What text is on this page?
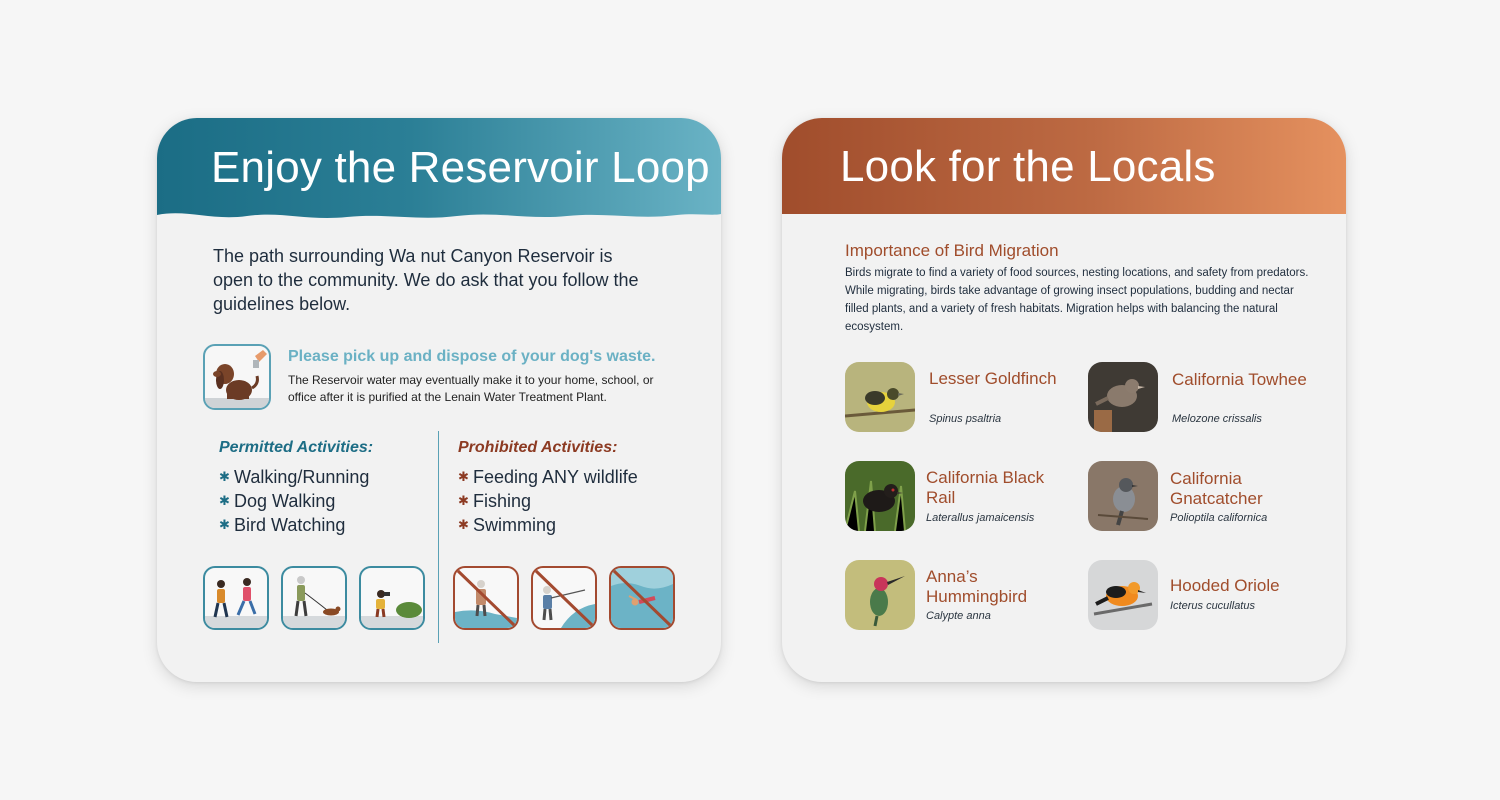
Enjoy the Reservoir Loop

The path surrounding Wa nut Canyon Reservoir is open to the community. We do ask that you follow the guidelines below.

Please pick up and dispose of your dog's waste.

The Reservoir water may eventually make it to your home, school, or office after it is purified at the Lenain Water Treatment Plant.

Permitted Activities:
✱ Walking/Running
✱ Dog Walking
✱ Bird Watching
Prohibited Activities:
✱ Feeding ANY wildlife
✱ Fishing
✱ Swimming
Look for the Locals
Importance of Bird Migration

Birds migrate to find a variety of food sources, nesting locations, and safety from predators. While migrating, birds take advantage of growing insect populations, budding and nectar filled plants, and a variety of fresh habitats. Migration helps with balancing the natural ecosystem.

Lesser Goldfinch
Spinus psaltria
California Towhee
Melozone crissalis
California Black Rail
Laterallus jamaicensis
California Gnatcatcher
Polioptila californica
Anna’s Hummingbird
Calypte anna
Hooded Oriole
Icterus cucullatus
